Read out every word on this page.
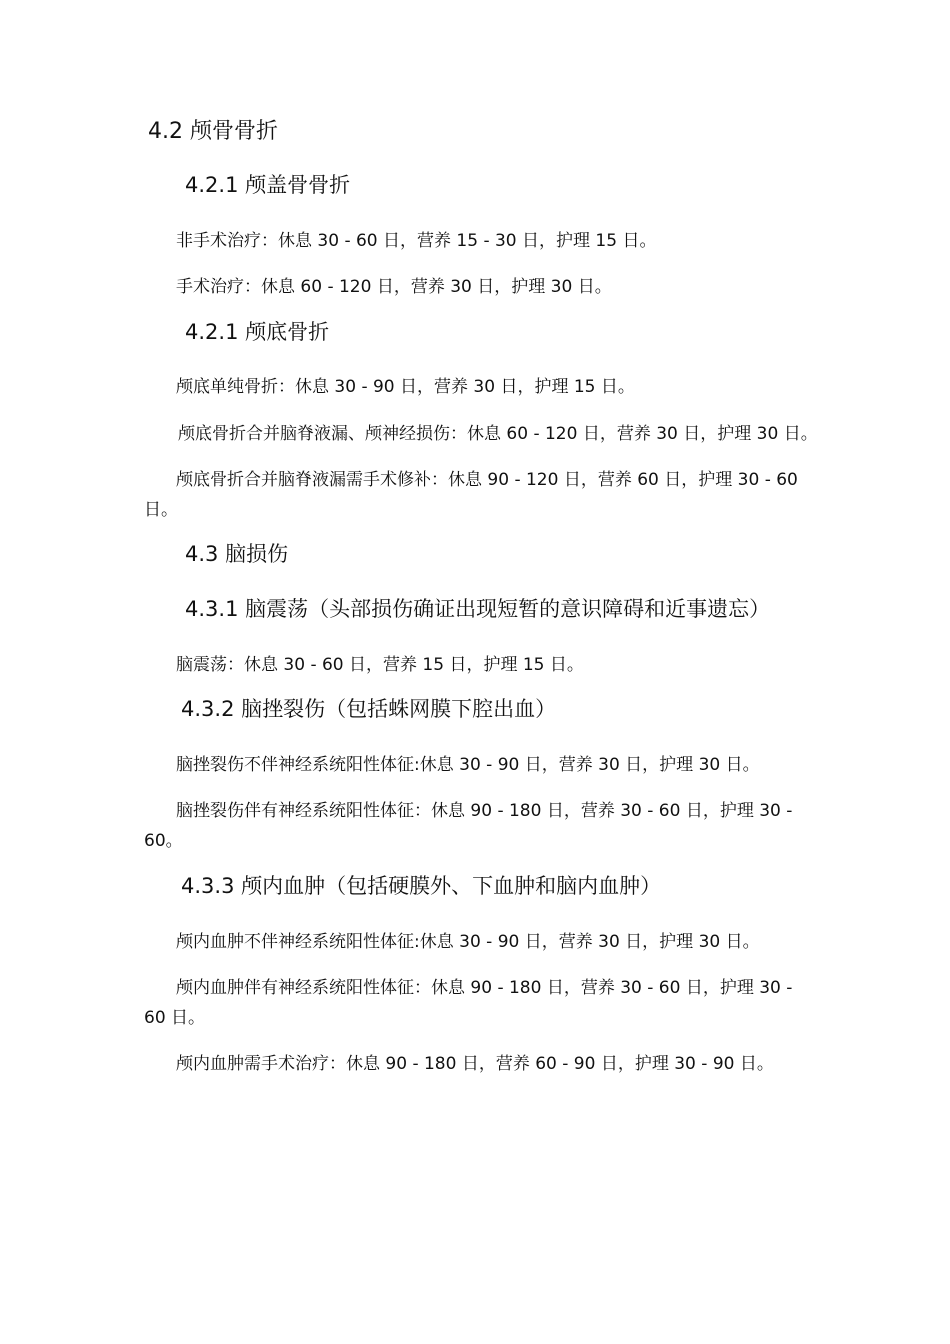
4.2 颅骨骨折
4.2.1 颅盖骨骨折
非手术治疗：休息 30 - 60 日，营养 15 - 30 日，护理 15 日。
手术治疗：休息 60 - 120 日，营养 30 日，护理 30 日。
4.2.1 颅底骨折
颅底单纯骨折：休息 30 - 90 日，营养 30 日，护理 15 日。
颅底骨折合并脑脊液漏、颅神经损伤：休息 60 - 120 日，营养 30 日，护理 30 日。
颅底骨折合并脑脊液漏需手术修补：休息 90 - 120 日，营养 60 日，护理 30 - 60
日。
4.3 脑损伤
4.3.1 脑震荡（头部损伤确证出现短暂的意识障碍和近事遗忘）
脑震荡：休息 30 - 60 日，营养 15 日，护理 15 日。
4.3.2 脑挫裂伤（包括蛛网膜下腔出血）
脑挫裂伤不伴神经系统阳性体征:休息 30 - 90 日，营养 30 日，护理 30 日。
脑挫裂伤伴有神经系统阳性体征：休息 90 - 180 日，营养 30 - 60 日，护理 30 -
60。
4.3.3 颅内血肿（包括硬膜外、下血肿和脑内血肿）
颅内血肿不伴神经系统阳性体征:休息 30 - 90 日，营养 30 日，护理 30 日。
颅内血肿伴有神经系统阳性体征：休息 90 - 180 日，营养 30 - 60 日，护理 30 -
60 日。
颅内血肿需手术治疗：休息 90 - 180 日，营养 60 - 90 日，护理 30 - 90 日。
